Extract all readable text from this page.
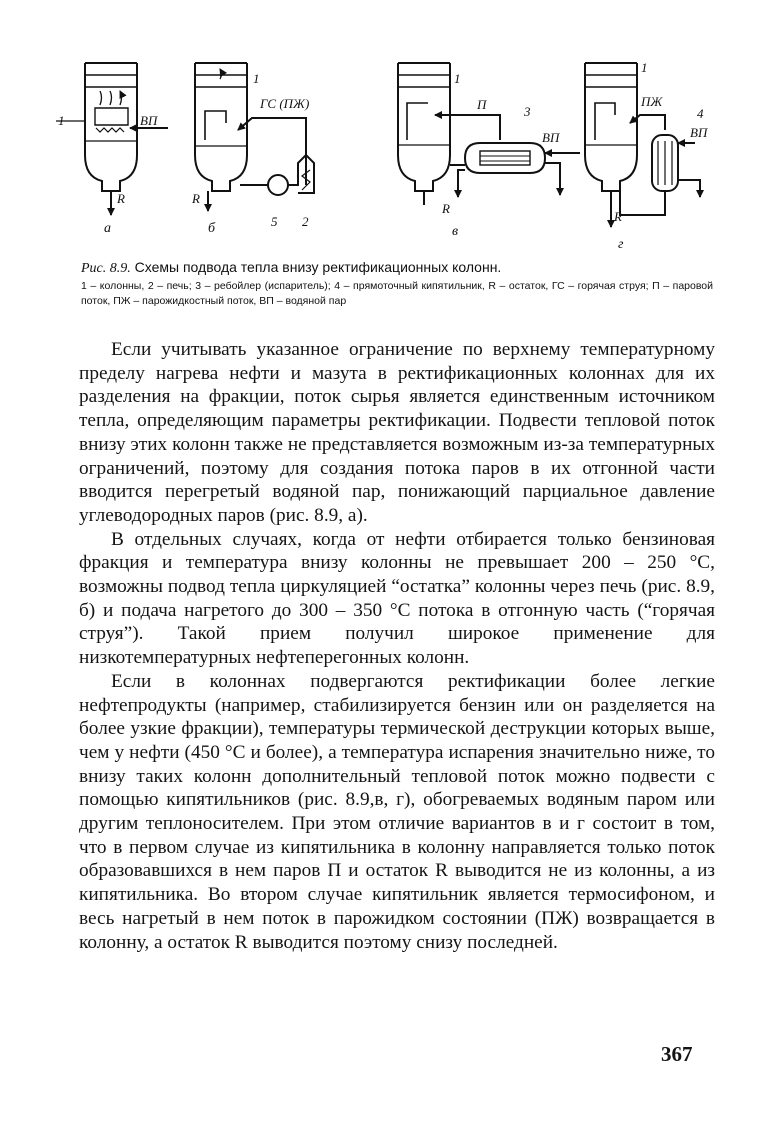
1	ВП
R
а
1
ГС (ПЖ)
R
б	5 2
1
П	3
ВП
R
в
1
ПЖ
4
ВП
R
г

Рис. 8.9. Схемы подвода тепла внизу ректификационных колонн.

1 – колонны, 2 – печь; 3 – ребойлер (испаритель); 4 – прямоточный кипятильник, R – остаток, ГС – горячая струя; П – паровой поток, ПЖ – парожидкостный поток, ВП – водяной пар

Если учитывать указанное ограничение по верхнему температурному пределу нагрева нефти и мазута в ректификационных колоннах для их разделения на фракции, поток сырья является единственным источником тепла, определяющим параметры ректификации. Подвести тепловой поток внизу этих колонн также не представляется возможным из-за температурных ограничений, поэтому для создания потока паров в их отгонной части вводится перегретый водяной пар, понижающий парциальное давление углеводородных паров (рис. 8.9, а).

В отдельных случаях, когда от нефти отбирается только бензиновая фракция и температура внизу колонны не превышает 200 – 250 °С, возможны подвод тепла циркуляцией “остатка” колонны через печь (рис. 8.9, б) и подача нагретого до 300 – 350 °С потока в отгонную часть (“горячая струя”). Такой прием получил широкое применение для низкотемпературных нефтеперегонных колонн.

Если в колоннах подвергаются ректификации более легкие нефтепродукты (например, стабилизируется бензин или он разделяется на более узкие фракции), температуры термической деструкции которых выше, чем у нефти (450 °С и более), а температура испарения значительно ниже, то внизу таких колонн дополнительный тепловой поток можно подвести с помощью кипятильников (рис. 8.9,в, г), обогреваемых водяным паром или другим теплоносителем. При этом отличие вариантов в и г состоит в том, что в первом случае из кипятильника в колонну направляется только поток образовавшихся в нем паров П и остаток R выводится не из колонны, а из кипятильника. Во втором случае кипятильник является термосифоном, и весь нагретый в нем поток в парожидком состоянии (ПЖ) возвращается в колонну, а остаток R выводится поэтому снизу последней.

367
